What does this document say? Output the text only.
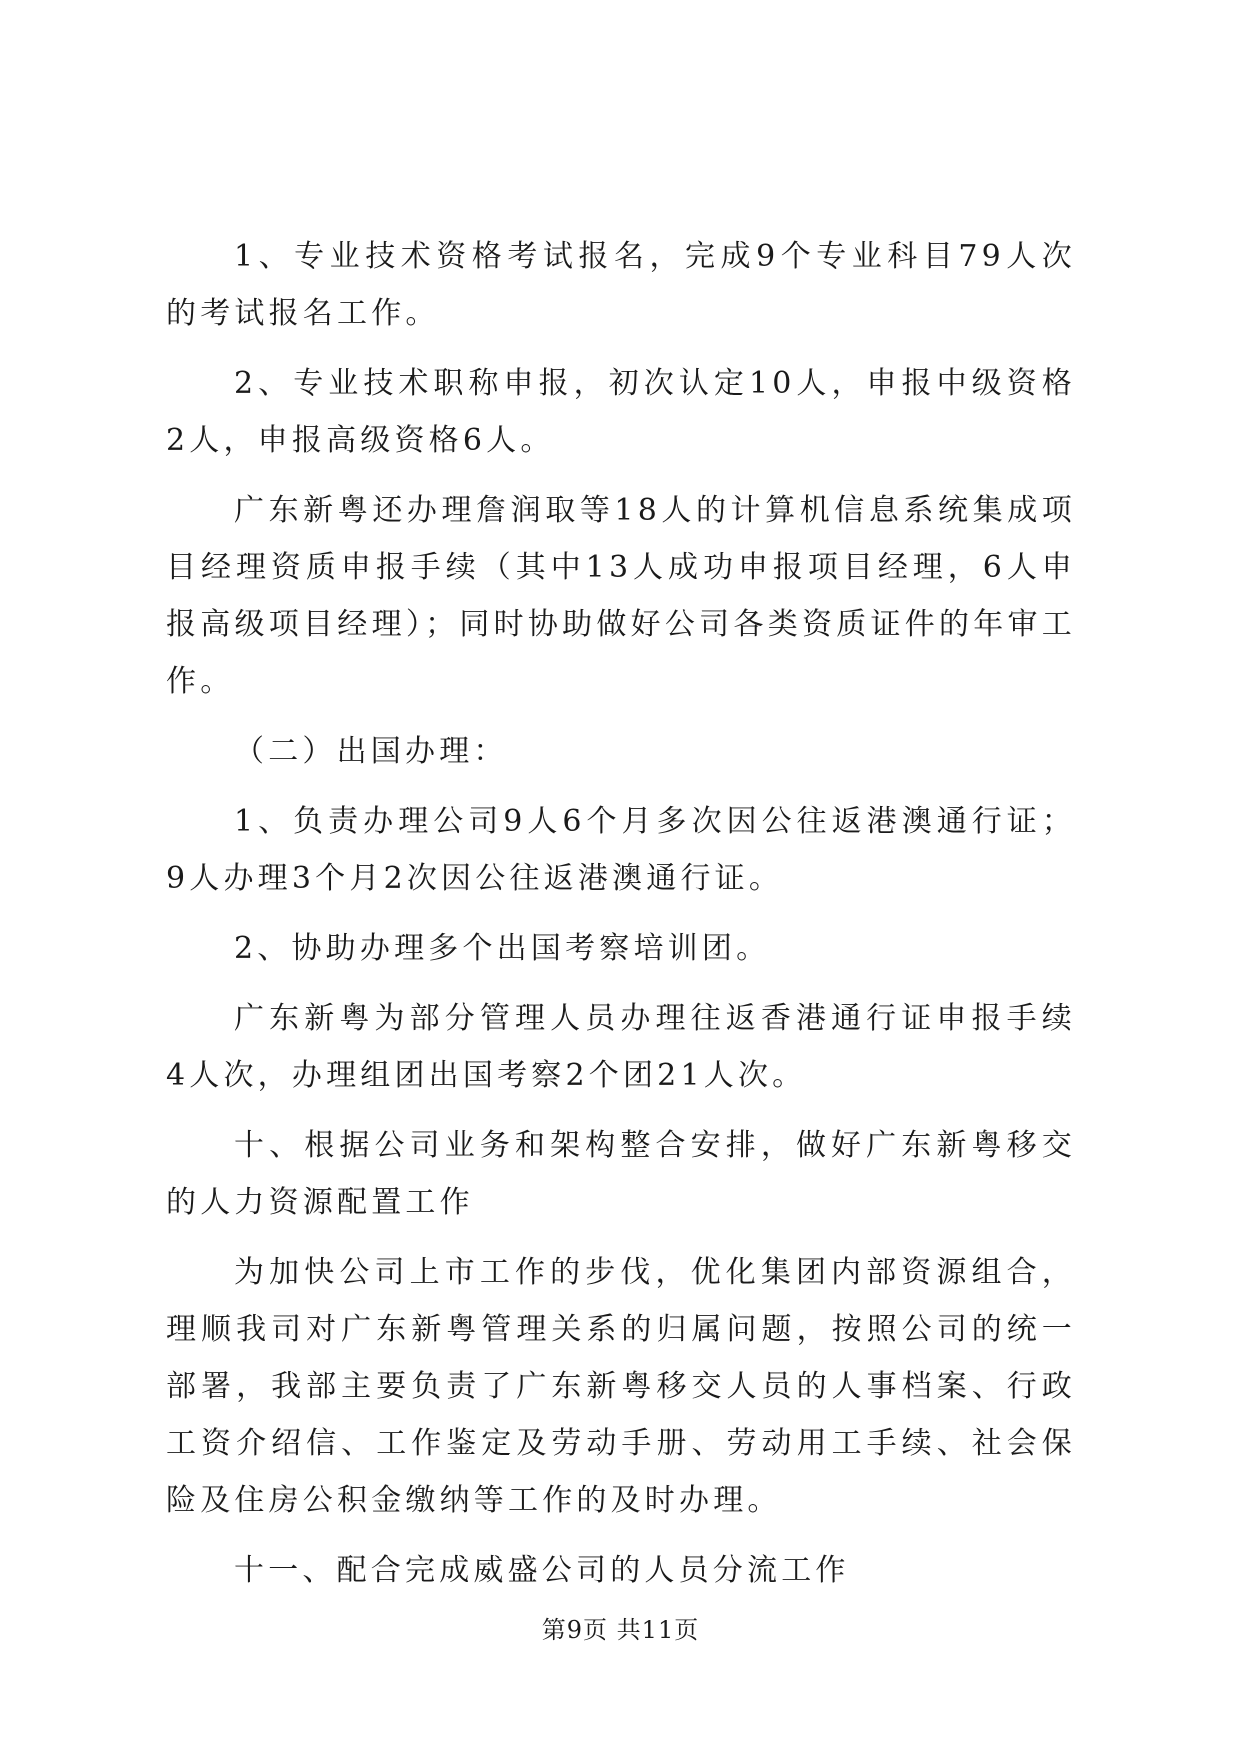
1、专业技术资格考试报名，完成9个专业科目79人次的考试报名工作。

2、专业技术职称申报，初次认定10人，申报中级资格2人，申报高级资格6人。

广东新粤还办理詹润取等18人的计算机信息系统集成项目经理资质申报手续（其中13人成功申报项目经理，6人申报高级项目经理）；同时协助做好公司各类资质证件的年审工作。

（二）出国办理：

1、负责办理公司9人6个月多次因公往返港澳通行证；9人办理3个月2次因公往返港澳通行证。

2、协助办理多个出国考察培训团。

广东新粤为部分管理人员办理往返香港通行证申报手续4人次，办理组团出国考察2个团21人次。

十、根据公司业务和架构整合安排，做好广东新粤移交的人力资源配置工作

为加快公司上市工作的步伐，优化集团内部资源组合，理顺我司对广东新粤管理关系的归属问题，按照公司的统一部署，我部主要负责了广东新粤移交人员的人事档案、行政工资介绍信、工作鉴定及劳动手册、劳动用工手续、社会保险及住房公积金缴纳等工作的及时办理。

十一、配合完成威盛公司的人员分流工作

第9页 共11页
